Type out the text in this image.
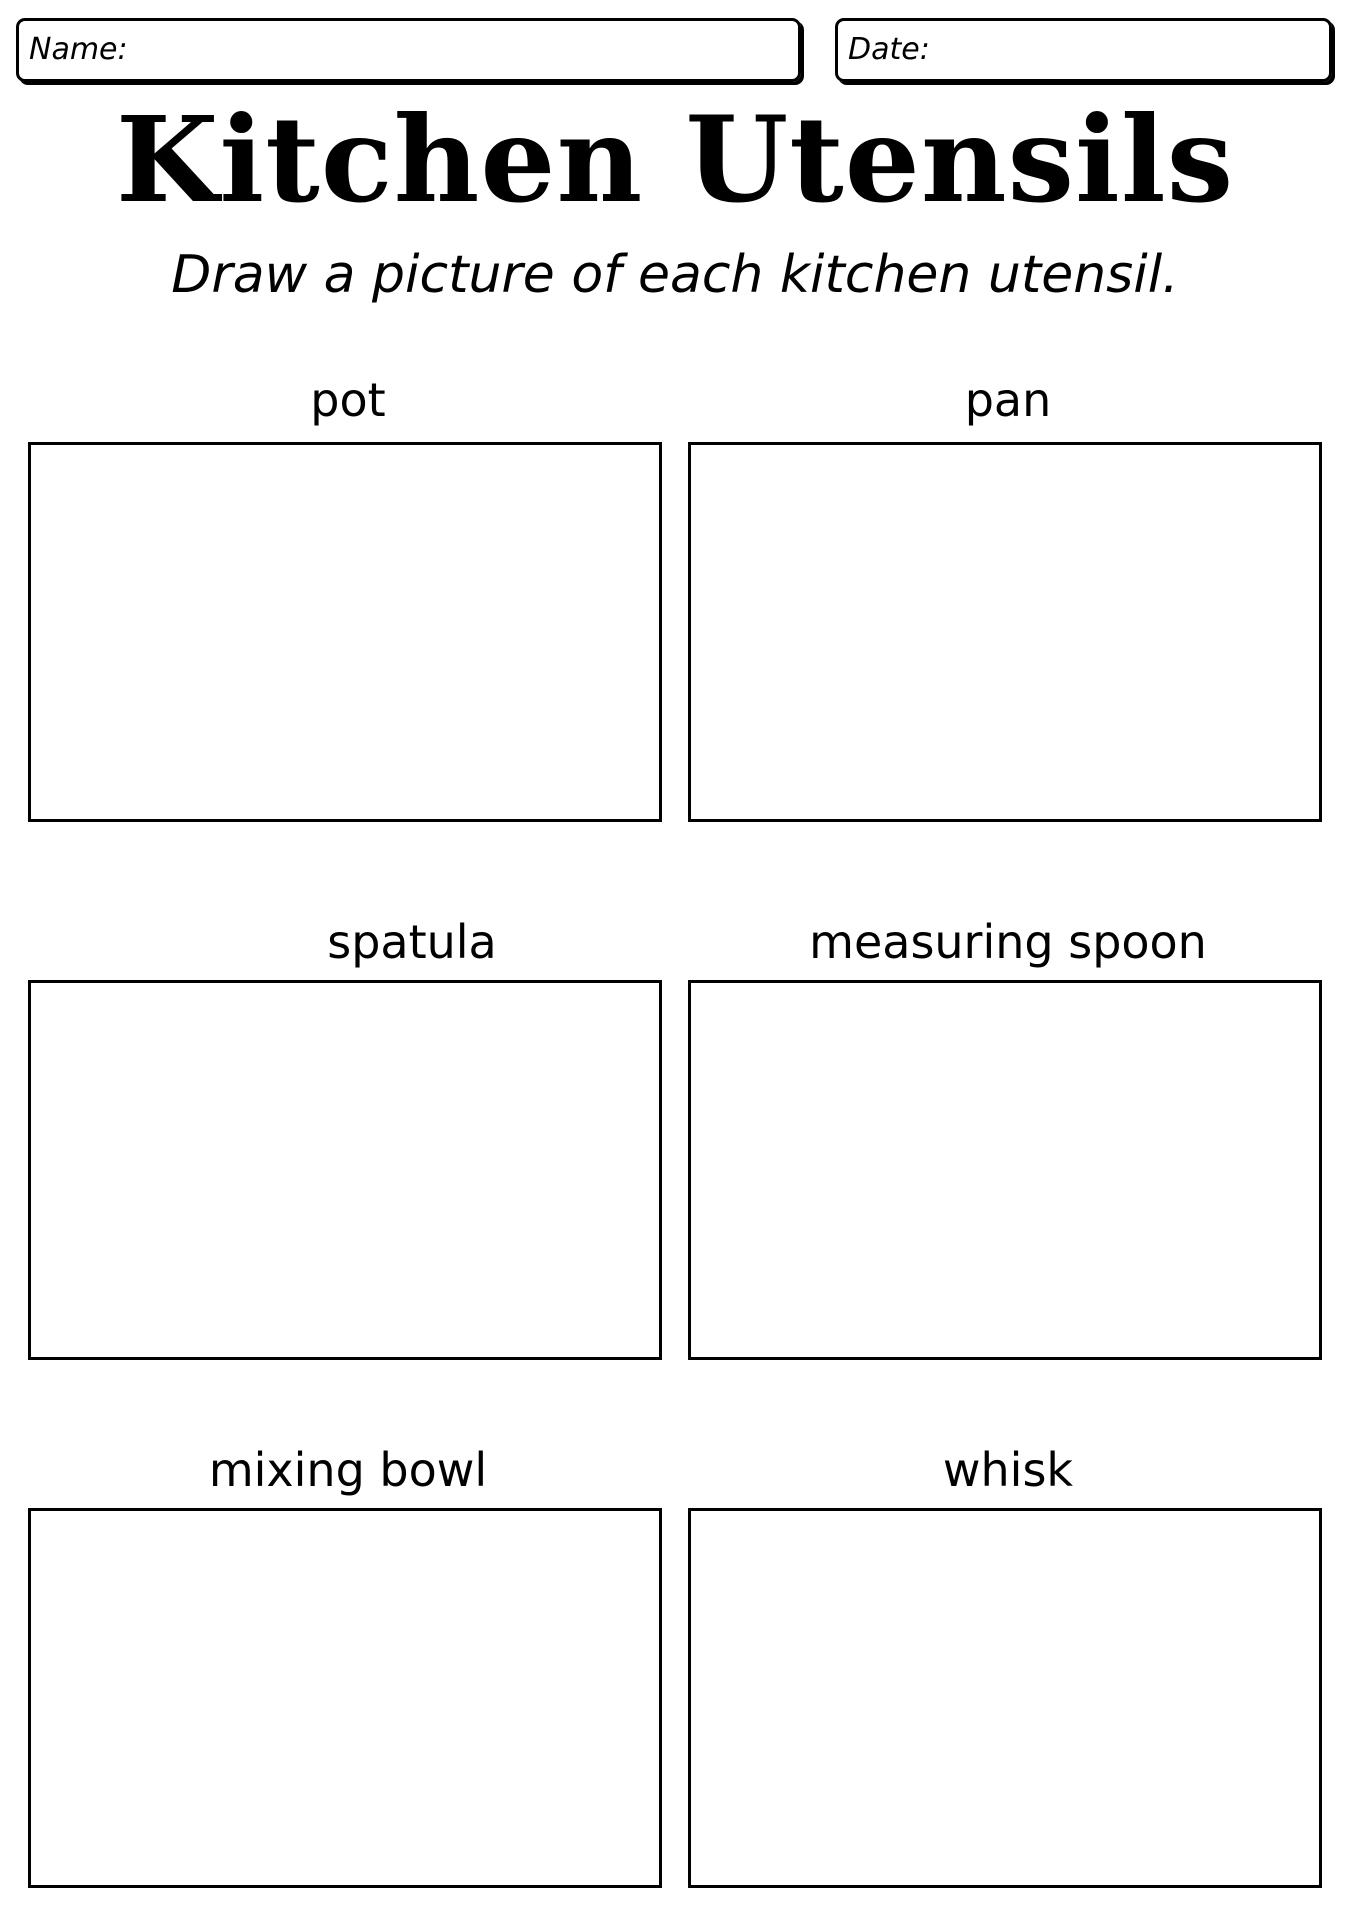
Name:	Date:
Kitchen Utensils

Draw a picture of each kitchen utensil.

pot	pan
spatula	measuring spoon
mixing bowl	whisk
